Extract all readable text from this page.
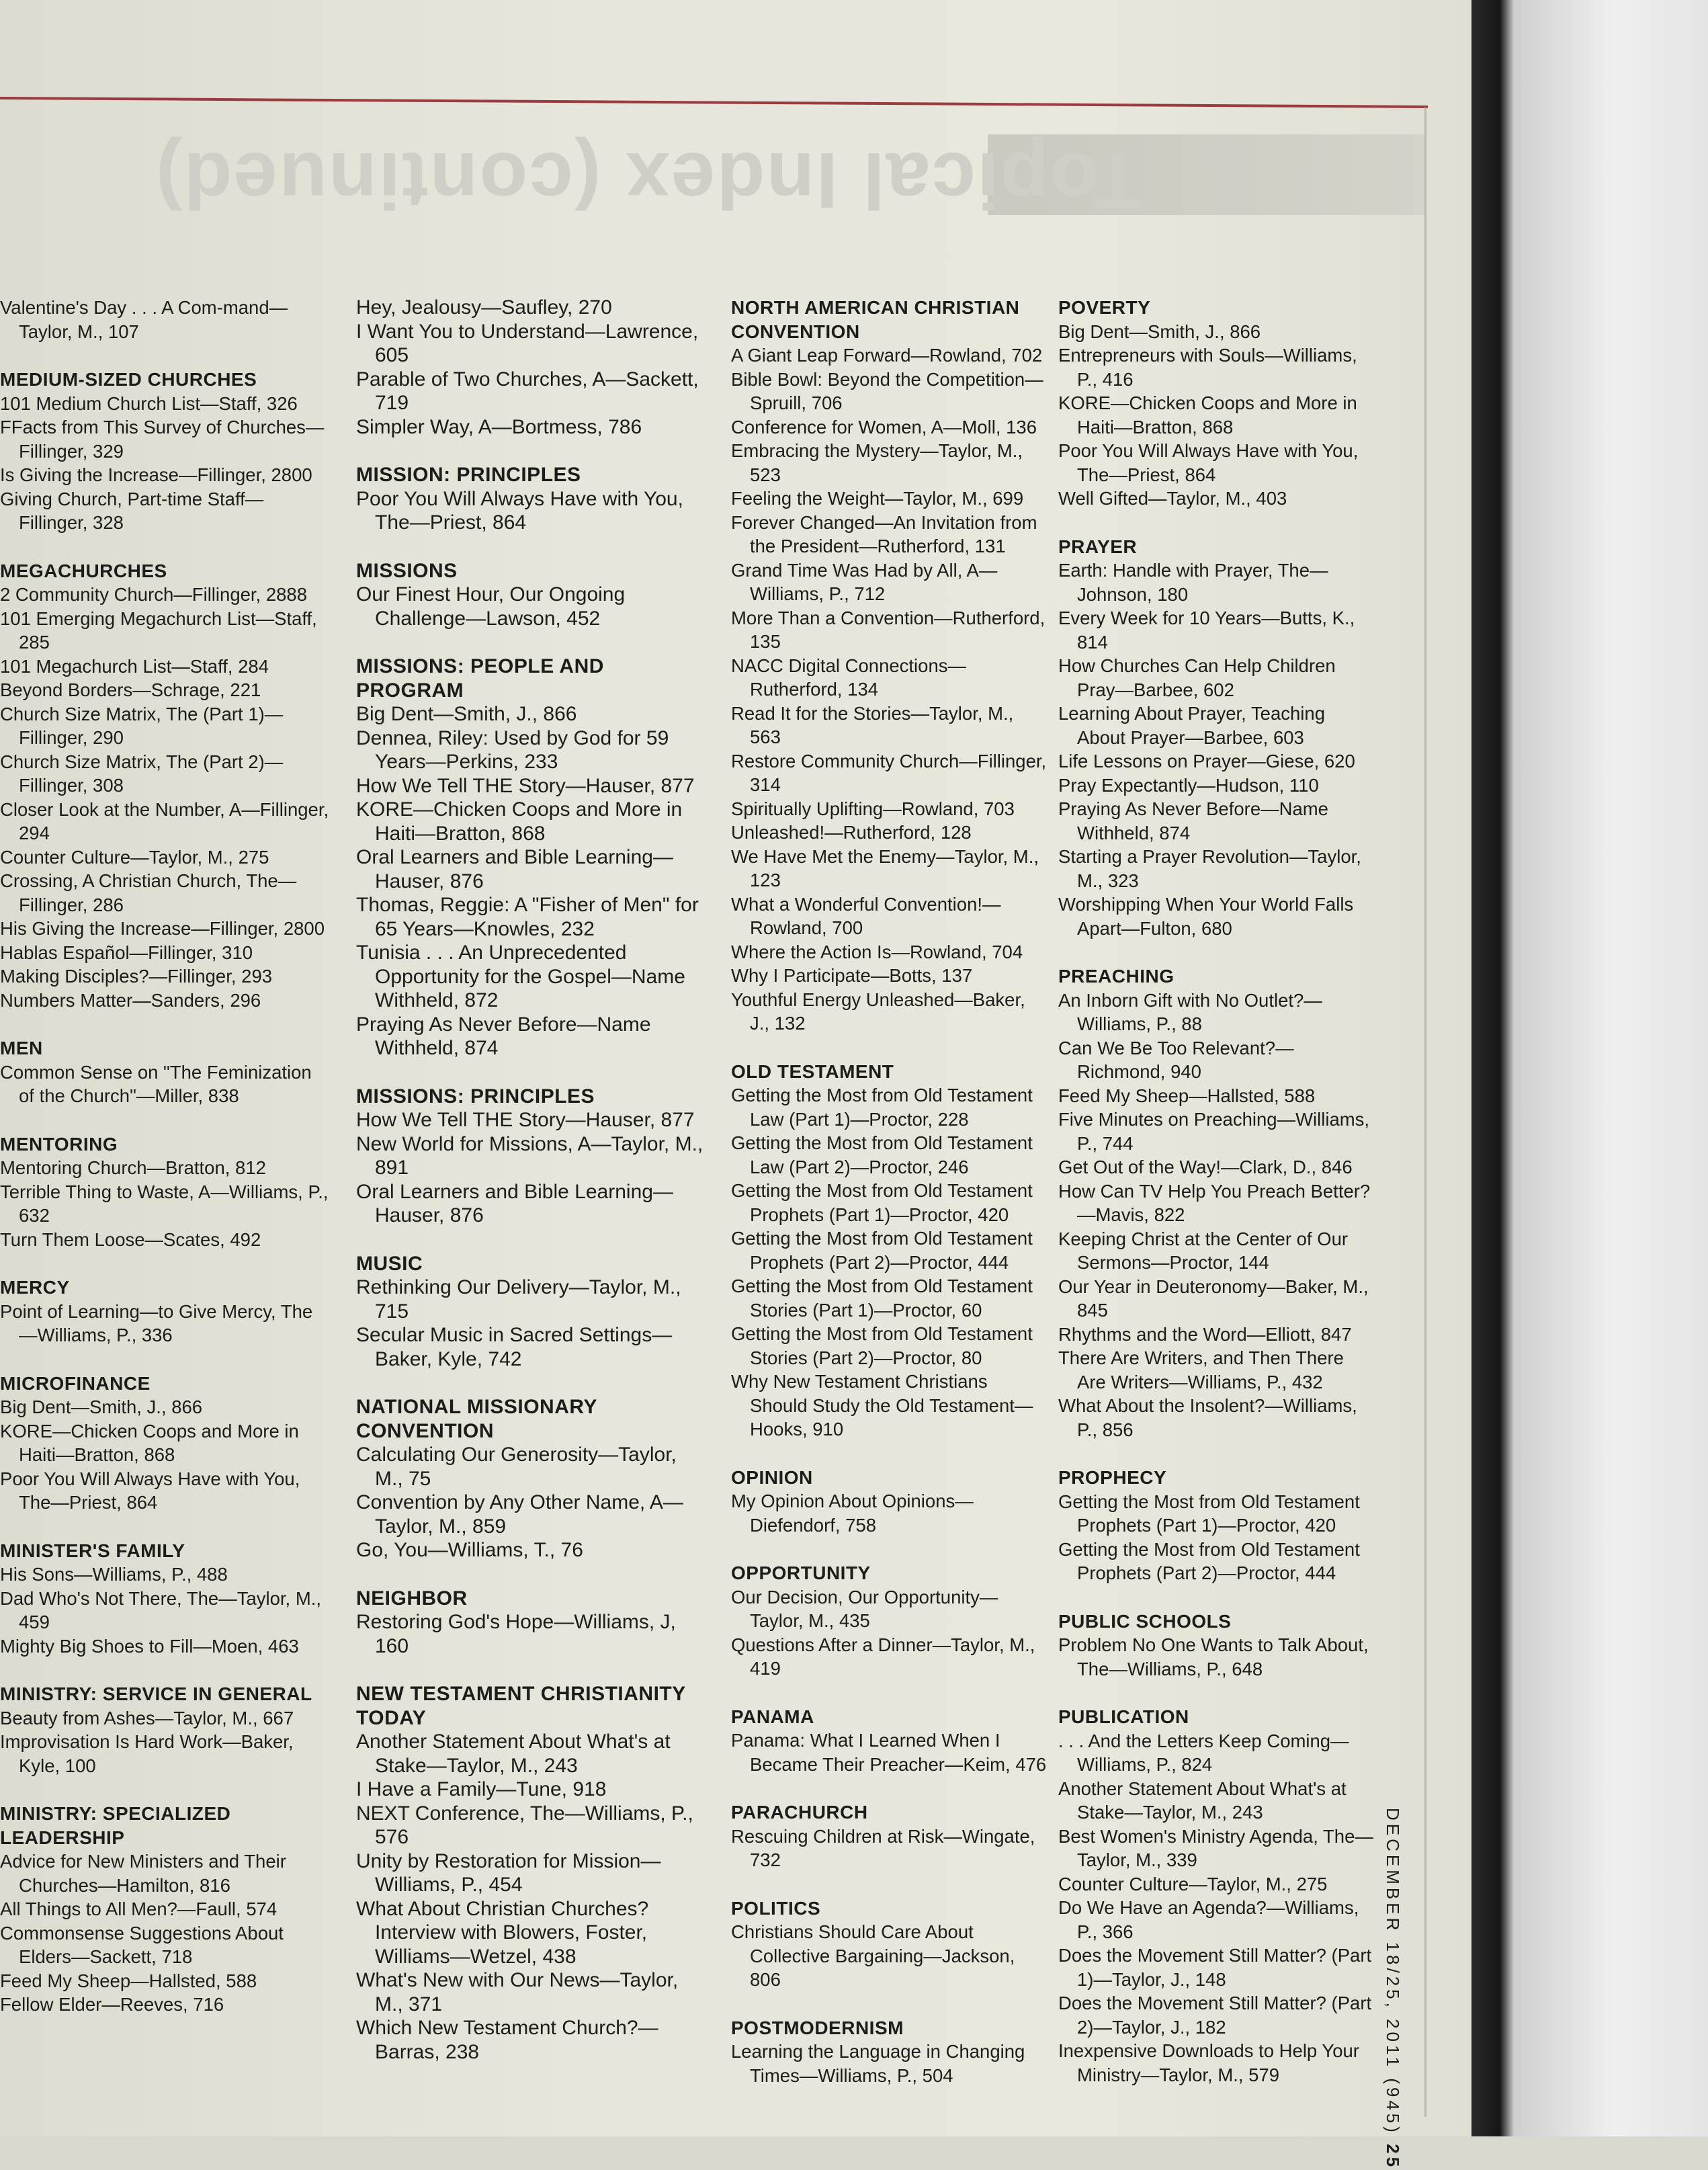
Topical Index (continued)
Valentine's Day . . . A Com-mand—Taylor, M., 107
MEDIUM-SIZED CHURCHES
101 Medium Church List—Staff, 326
FFacts from This Survey of Churches—Fillinger, 329
Is Giving the Increase—Fillinger, 2800
Giving Church, Part-time Staff—Fillinger, 328
MEGACHURCHES
2 Community Church—Fillinger, 2888
101 Emerging Megachurch List—Staff, 285
101 Megachurch List—Staff, 284
Beyond Borders—Schrage, 221
Church Size Matrix, The (Part 1)—Fillinger, 290
Church Size Matrix, The (Part 2)—Fillinger, 308
Closer Look at the Number, A—Fillinger, 294
Counter Culture—Taylor, M., 275
Crossing, A Christian Church, The—Fillinger, 286
His Giving the Increase—Fillinger, 2800
Hablas Español—Fillinger, 310
Making Disciples?—Fillinger, 293
Numbers Matter—Sanders, 296
MEN
Common Sense on "The Feminization of the Church"—Miller, 838
MENTORING
Mentoring Church—Bratton, 812
Terrible Thing to Waste, A—Williams, P., 632
Turn Them Loose—Scates, 492
MERCY
Point of Learning—to Give Mercy, The—Williams, P., 336
MICROFINANCE
Big Dent—Smith, J., 866
KORE—Chicken Coops and More in Haiti—Bratton, 868
Poor You Will Always Have with You, The—Priest, 864
MINISTER'S FAMILY
His Sons—Williams, P., 488
Dad Who's Not There, The—Taylor, M., 459
Mighty Big Shoes to Fill—Moen, 463
MINISTRY: SERVICE IN GENERAL
Beauty from Ashes—Taylor, M., 667
Improvisation Is Hard Work—Baker, Kyle, 100
MINISTRY: SPECIALIZED LEADERSHIP
Advice for New Ministers and Their Churches—Hamilton, 816
All Things to All Men?—Faull, 574
Commonsense Suggestions About Elders—Sackett, 718
Feed My Sheep—Hallsted, 588
Fellow Elder—Reeves, 716
Hey, Jealousy—Saufley, 270
I Want You to Understand—Lawrence, 605
Parable of Two Churches, A—Sackett, 719
Simpler Way, A—Bortmess, 786
MISSION: PRINCIPLES
Poor You Will Always Have with You, The—Priest, 864
MISSIONS
Our Finest Hour, Our Ongoing Challenge—Lawson, 452
MISSIONS: PEOPLE AND PROGRAM
Big Dent—Smith, J., 866
Dennea, Riley: Used by God for 59 Years—Perkins, 233
How We Tell THE Story—Hauser, 877
KORE—Chicken Coops and More in Haiti—Bratton, 868
Oral Learners and Bible Learning—Hauser, 876
Thomas, Reggie: A "Fisher of Men" for 65 Years—Knowles, 232
Tunisia . . . An Unprecedented Opportunity for the Gospel—Name Withheld, 872
Praying As Never Before—Name Withheld, 874
MISSIONS: PRINCIPLES
How We Tell THE Story—Hauser, 877
New World for Missions, A—Taylor, M., 891
Oral Learners and Bible Learning—Hauser, 876
MUSIC
Rethinking Our Delivery—Taylor, M., 715
Secular Music in Sacred Settings—Baker, Kyle, 742
NATIONAL MISSIONARY CONVENTION
Calculating Our Generosity—Taylor, M., 75
Convention by Any Other Name, A—Taylor, M., 859
Go, You—Williams, T., 76
NEIGHBOR
Restoring God's Hope—Williams, J, 160
NEW TESTAMENT CHRISTIANITY TODAY
Another Statement About What's at Stake—Taylor, M., 243
I Have a Family—Tune, 918
NEXT Conference, The—Williams, P., 576
Unity by Restoration for Mission—Williams, P., 454
What About Christian Churches? Interview with Blowers, Foster, Williams—Wetzel, 438
What's New with Our News—Taylor, M., 371
Which New Testament Church?—Barras, 238
NORTH AMERICAN CHRISTIAN CONVENTION
A Giant Leap Forward—Rowland, 702
Bible Bowl: Beyond the Competition—Spruill, 706
Conference for Women, A—Moll, 136
Embracing the Mystery—Taylor, M., 523
Feeling the Weight—Taylor, M., 699
Forever Changed—An Invitation from the President—Rutherford, 131
Grand Time Was Had by All, A—Williams, P., 712
More Than a Convention—Rutherford, 135
NACC Digital Connections—Rutherford, 134
Read It for the Stories—Taylor, M., 563
Restore Community Church—Fillinger, 314
Spiritually Uplifting—Rowland, 703
Unleashed!—Rutherford, 128
We Have Met the Enemy—Taylor, M., 123
What a Wonderful Convention!—Rowland, 700
Where the Action Is—Rowland, 704
Why I Participate—Botts, 137
Youthful Energy Unleashed—Baker, J., 132
OLD TESTAMENT
Getting the Most from Old Testament Law (Part 1)—Proctor, 228
Getting the Most from Old Testament Law (Part 2)—Proctor, 246
Getting the Most from Old Testament Prophets (Part 1)—Proctor, 420
Getting the Most from Old Testament Prophets (Part 2)—Proctor, 444
Getting the Most from Old Testament Stories (Part 1)—Proctor, 60
Getting the Most from Old Testament Stories (Part 2)—Proctor, 80
Why New Testament Christians Should Study the Old Testament—Hooks, 910
OPINION
My Opinion About Opinions—Diefendorf, 758
OPPORTUNITY
Our Decision, Our Opportunity—Taylor, M., 435
Questions After a Dinner—Taylor, M., 419
PANAMA
Panama: What I Learned When I Became Their Preacher—Keim, 476
PARACHURCH
Rescuing Children at Risk—Wingate, 732
POLITICS
Christians Should Care About Collective Bargaining—Jackson, 806
POSTMODERNISM
Learning the Language in Changing Times—Williams, P., 504
POVERTY
Big Dent—Smith, J., 866
Entrepreneurs with Souls—Williams, P., 416
KORE—Chicken Coops and More in Haiti—Bratton, 868
Poor You Will Always Have with You, The—Priest, 864
Well Gifted—Taylor, M., 403
PRAYER
Earth: Handle with Prayer, The—Johnson, 180
Every Week for 10 Years—Butts, K., 814
How Churches Can Help Children Pray—Barbee, 602
Learning About Prayer, Teaching About Prayer—Barbee, 603
Life Lessons on Prayer—Giese, 620
Pray Expectantly—Hudson, 110
Praying As Never Before—Name Withheld, 874
Starting a Prayer Revolution—Taylor, M., 323
Worshipping When Your World Falls Apart—Fulton, 680
PREACHING
An Inborn Gift with No Outlet?—Williams, P., 88
Can We Be Too Relevant?—Richmond, 940
Feed My Sheep—Hallsted, 588
Five Minutes on Preaching—Williams, P., 744
Get Out of the Way!—Clark, D., 846
How Can TV Help You Preach Better?—Mavis, 822
Keeping Christ at the Center of Our Sermons—Proctor, 144
Our Year in Deuteronomy—Baker, M., 845
Rhythms and the Word—Elliott, 847
There Are Writers, and Then There Are Writers—Williams, P., 432
What About the Insolent?—Williams, P., 856
PROPHECY
Getting the Most from Old Testament Prophets (Part 1)—Proctor, 420
Getting the Most from Old Testament Prophets (Part 2)—Proctor, 444
PUBLIC SCHOOLS
Problem No One Wants to Talk About, The—Williams, P., 648
PUBLICATION
. . . And the Letters Keep Coming—Williams, P., 824
Another Statement About What's at Stake—Taylor, M., 243
Best Women's Ministry Agenda, The—Taylor, M., 339
Counter Culture—Taylor, M., 275
Do We Have an Agenda?—Williams, P., 366
Does the Movement Still Matter? (Part 1)—Taylor, J., 148
Does the Movement Still Matter? (Part 2)—Taylor, J., 182
Inexpensive Downloads to Help Your Ministry—Taylor, M., 579	DECEMBER 18/25, 2011 (945) 25
